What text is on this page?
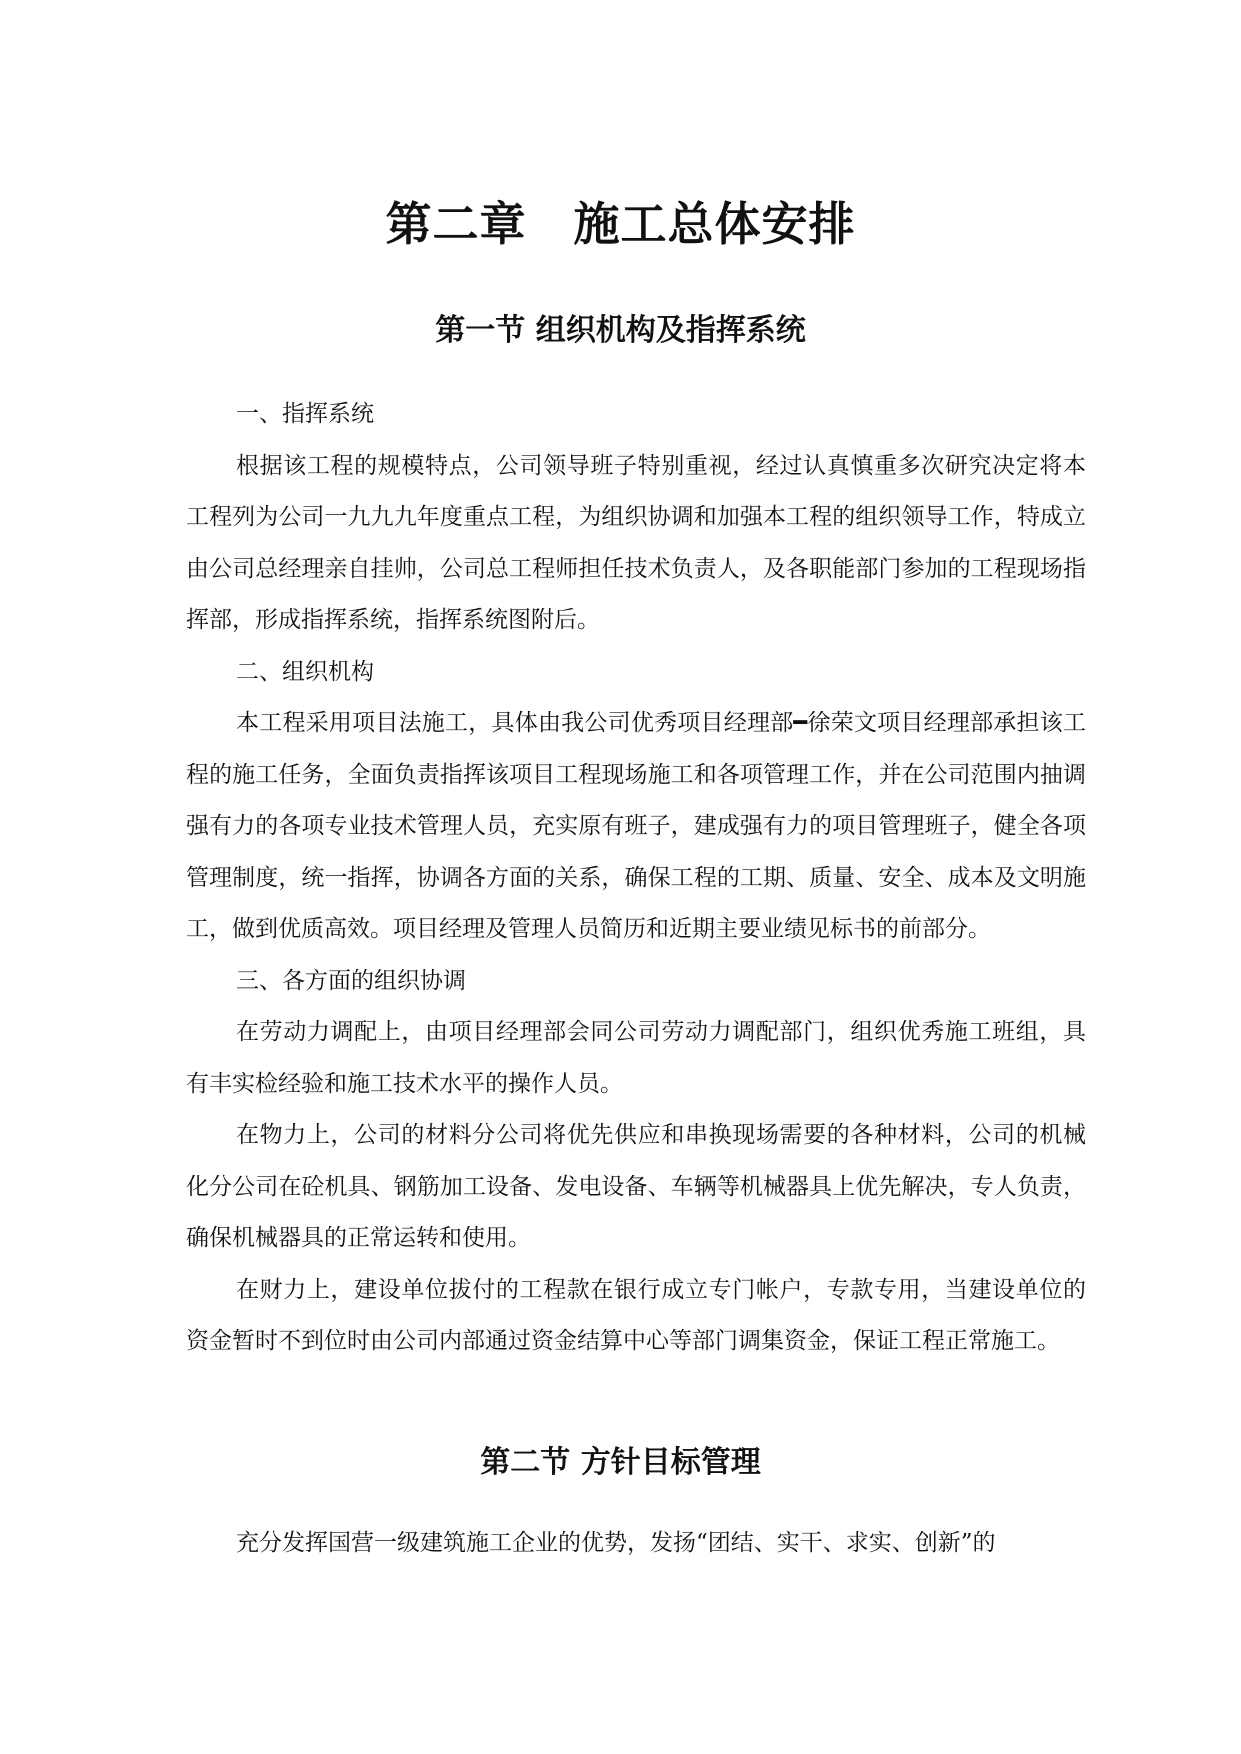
第二章　施工总体安排
第一节 组织机构及指挥系统

一、指挥系统

根据该工程的规模特点，公司领导班子特别重视，经过认真慎重多次研究决定将本工程列为公司一九九九年度重点工程，为组织协调和加强本工程的组织领导工作，特成立由公司总经理亲自挂帅，公司总工程师担任技术负责人，及各职能部门参加的工程现场指挥部，形成指挥系统，指挥系统图附后。

二、组织机构

本工程采用项目法施工，具体由我公司优秀项目经理部━徐荣文项目经理部承担该工程的施工任务，全面负责指挥该项目工程现场施工和各项管理工作，并在公司范围内抽调强有力的各项专业技术管理人员，充实原有班子，建成强有力的项目管理班子，健全各项管理制度，统一指挥，协调各方面的关系，确保工程的工期、质量、安全、成本及文明施工，做到优质高效。项目经理及管理人员简历和近期主要业绩见标书的前部分。

三、各方面的组织协调

在劳动力调配上，由项目经理部会同公司劳动力调配部门，组织优秀施工班组，具有丰实检经验和施工技术水平的操作人员。

在物力上，公司的材料分公司将优先供应和串换现场需要的各种材料，公司的机械化分公司在砼机具、钢筋加工设备、发电设备、车辆等机械器具上优先解决，专人负责，确保机械器具的正常运转和使用。

在财力上，建设单位拔付的工程款在银行成立专门帐户，专款专用，当建设单位的资金暂时不到位时由公司内部通过资金结算中心等部门调集资金，保证工程正常施工。

第二节 方针目标管理

充分发挥国营一级建筑施工企业的优势，发扬“团结、实干、求实、创新”的
